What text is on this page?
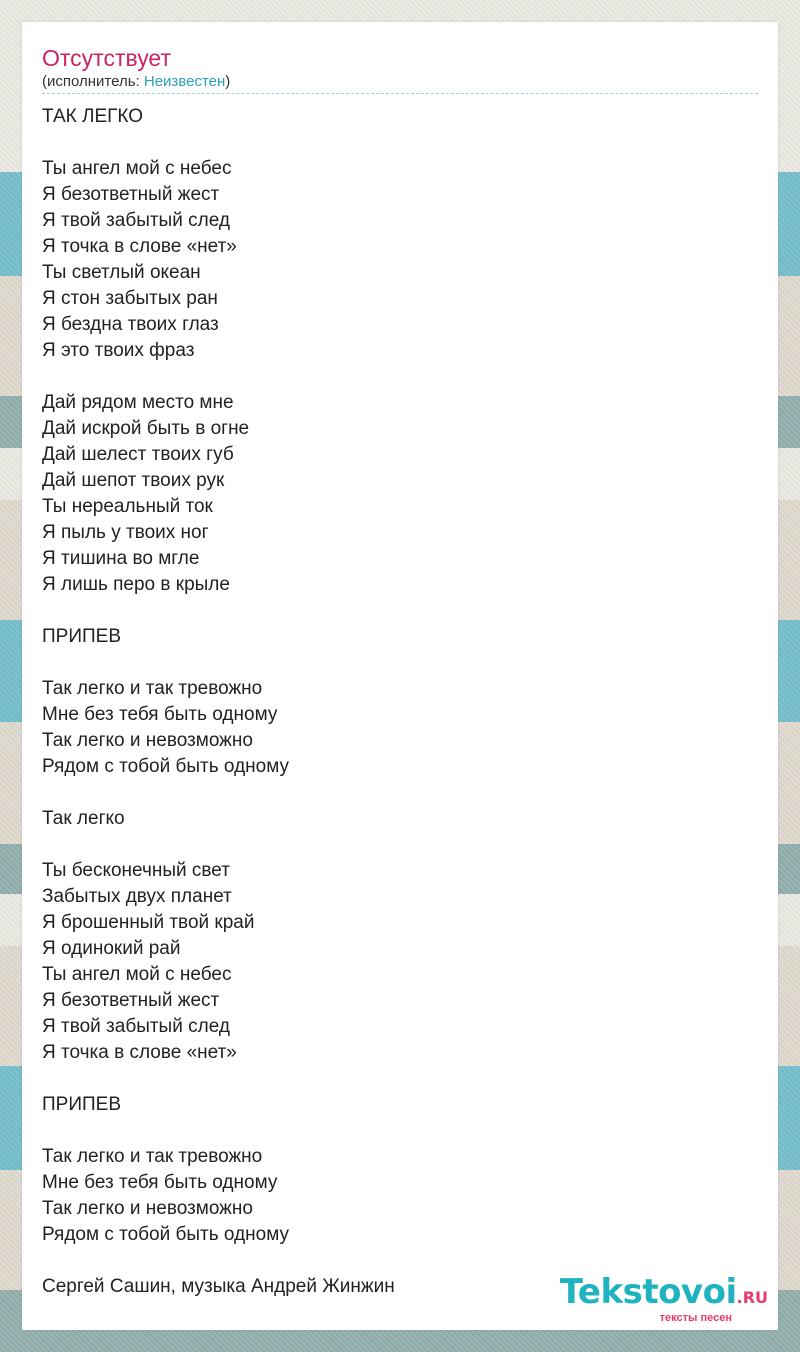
Отсутствует
(исполнитель: Неизвестен)
ТАК ЛЕГКО
Ты ангел мой с небес
Я безответный жест
Я твой забытый след
Я точка в слове «нет»
Ты светлый океан
Я стон забытых ран
Я бездна твоих глаз
Я это твоих фраз
Дай рядом место мне
Дай искрой быть в огне
Дай шелест твоих губ
Дай шепот твоих рук
Ты нереальный ток
Я пыль у твоих ног
Я тишина во мгле
Я лишь перо в крыле
ПРИПЕВ
Так легко и так тревожно
Мне без тебя быть одному
Так легко и невозможно
Рядом с тобой быть одному
Так легко
Ты бесконечный свет
Забытых двух планет
Я брошенный твой край
Я одинокий рай
Ты ангел мой с небес
Я безответный жест
Я твой забытый след
Я точка в слове «нет»
ПРИПЕВ
Так легко и так тревожно
Мне без тебя быть одному
Так легко и невозможно
Рядом с тобой быть одному
Сергей Сашин, музыка Андрей Жинжин	Tekstovoi.RU
тексты песен
